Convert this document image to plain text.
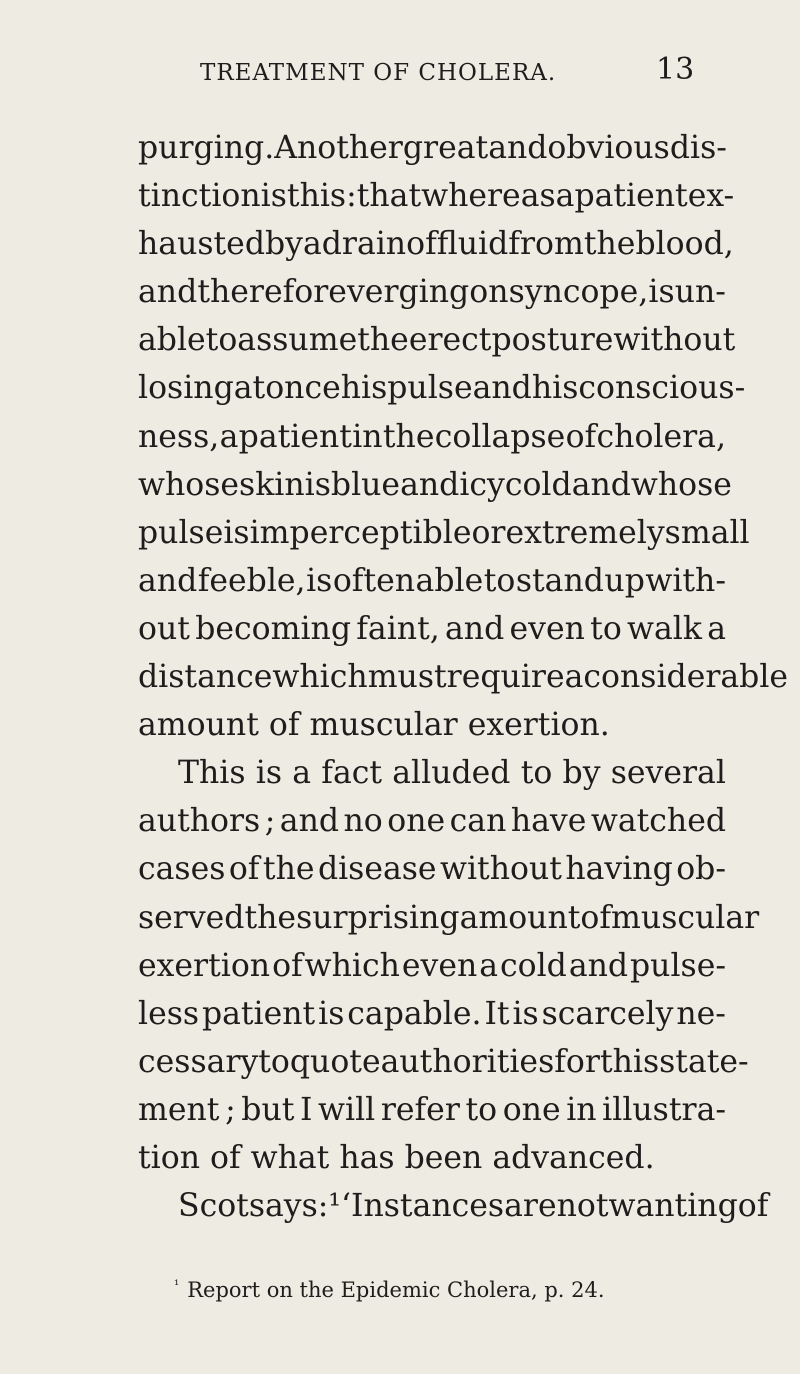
TREATMENT OF CHOLERA.	13
purging. Another great and obvious dis-
tinction is this : that whereas a patient ex-
hausted by a drain of fluid from the blood,
and therefore verging on syncope, is un-
able to assume the erect posture without
losing at once his pulse and his conscious-
ness, a patient in the collapse of cholera,
whose skin is blue and icy cold and whose
pulse is imperceptible or extremely small
and feeble, is often able to stand up with-
out becoming faint, and even to walk a
distance which must require a considerable
amount of muscular exertion.
This is a fact alluded to by several
authors ; and no one can have watched
cases of the disease without having ob-
served the surprising amount of muscular
exertion of which even a cold and pulse-
less patient is capable. It is scarcely ne-
cessary to quote authorities for this state-
ment ; but I will refer to one in illustra-
tion of what has been advanced.
Scot says :¹ ‘ Instances are not wanting of
$^{^1}$ Report on the Epidemic Cholera, p. 24.
